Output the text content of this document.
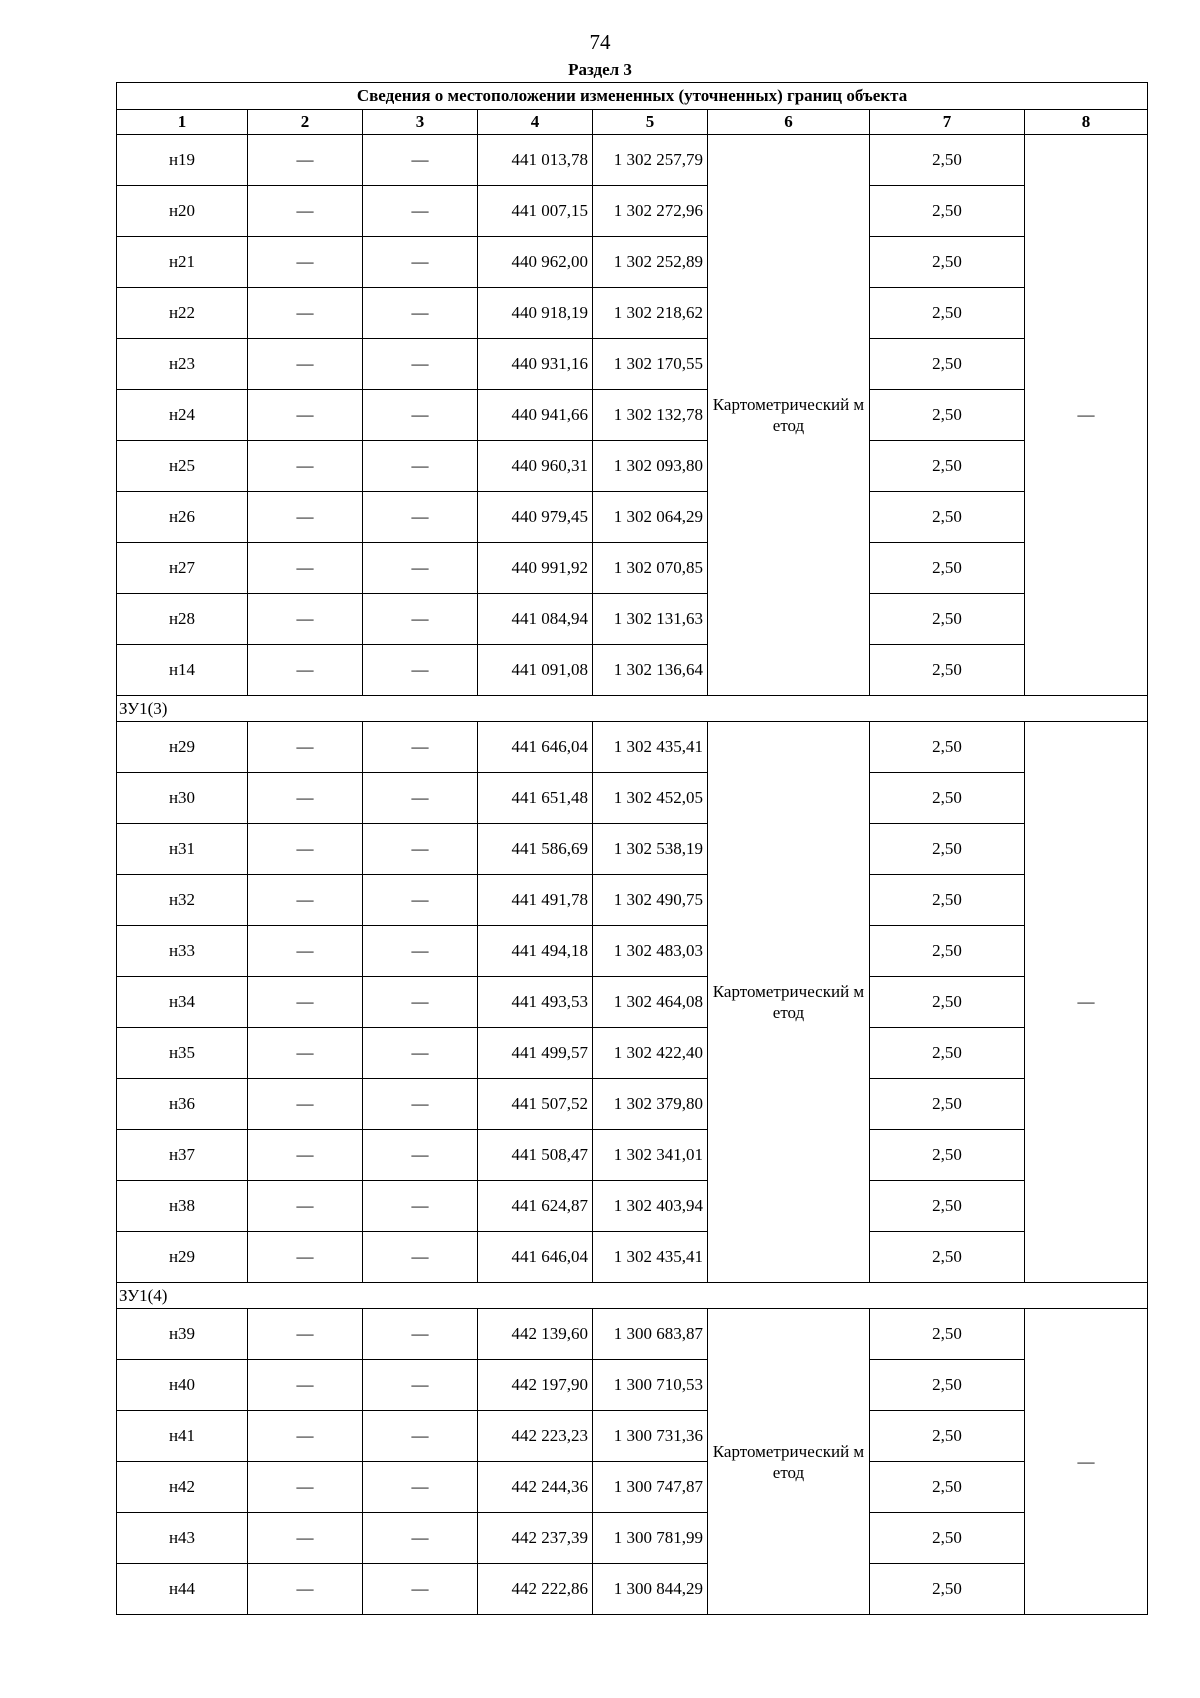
74
Раздел 3
Сведения о местоположении измененных (уточненных) границ объекта							
1	2	3	4	5	6	7	8
н19	—	—	441 013,78	1 302 257,79	Картометрический метод	2,50	—
н20	—	—	441 007,15	1 302 272,96		2,50	
н21	—	—	440 962,00	1 302 252,89		2,50	
н22	—	—	440 918,19	1 302 218,62		2,50	
н23	—	—	440 931,16	1 302 170,55		2,50	
н24	—	—	440 941,66	1 302 132,78		2,50	
н25	—	—	440 960,31	1 302 093,80		2,50	
н26	—	—	440 979,45	1 302 064,29		2,50	
н27	—	—	440 991,92	1 302 070,85		2,50	
н28	—	—	441 084,94	1 302 131,63		2,50	
н14	—	—	441 091,08	1 302 136,64		2,50	
ЗУ1(3)							
н29	—	—	441 646,04	1 302 435,41	Картометрический метод	2,50	—
н30	—	—	441 651,48	1 302 452,05		2,50	
н31	—	—	441 586,69	1 302 538,19		2,50	
н32	—	—	441 491,78	1 302 490,75		2,50	
н33	—	—	441 494,18	1 302 483,03		2,50	
н34	—	—	441 493,53	1 302 464,08		2,50	
н35	—	—	441 499,57	1 302 422,40		2,50	
н36	—	—	441 507,52	1 302 379,80		2,50	
н37	—	—	441 508,47	1 302 341,01		2,50	
н38	—	—	441 624,87	1 302 403,94		2,50	
н29	—	—	441 646,04	1 302 435,41		2,50	
ЗУ1(4)							
н39	—	—	442 139,60	1 300 683,87	Картометрический метод	2,50	—
н40	—	—	442 197,90	1 300 710,53		2,50	
н41	—	—	442 223,23	1 300 731,36		2,50	
н42	—	—	442 244,36	1 300 747,87		2,50	
н43	—	—	442 237,39	1 300 781,99		2,50	
н44	—	—	442 222,86	1 300 844,29		2,50	
